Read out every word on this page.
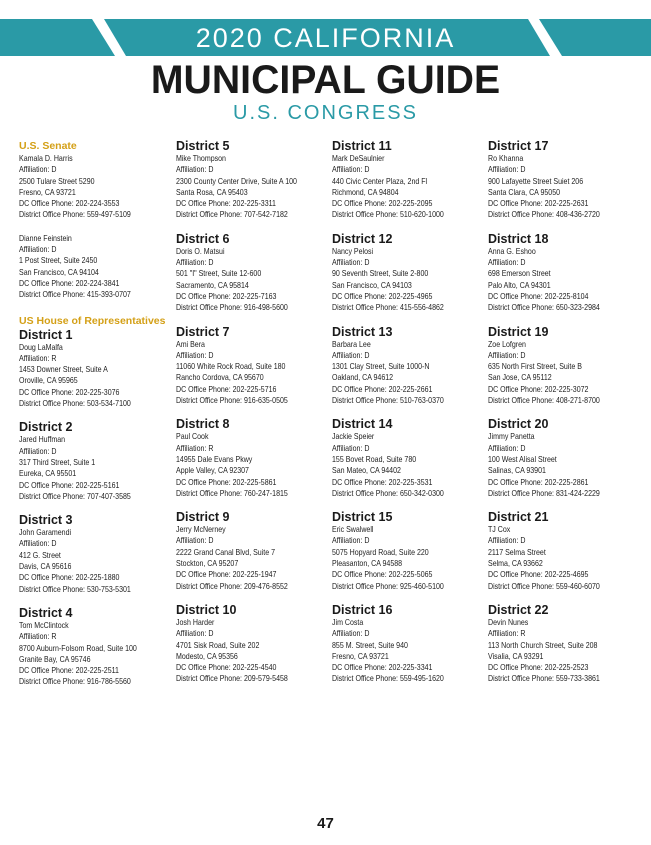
2020 CALIFORNIA
MUNICIPAL GUIDE
U.S. CONGRESS
U.S. Senate
Kamala D. Harris
Affiliation: D
2500 Tulare Street 5290
Fresno, CA 93721
DC Office Phone: 202-224-3553
District Office Phone: 559-497-5109
Dianne Feinstein
Affiliation: D
1 Post Street, Suite 2450
San Francisco, CA 94104
DC Office Phone: 202-224-3841
District Office Phone: 415-393-0707
US House of Representatives
District 1
Doug LaMalfa
Affiliation: R
1453 Downer Street, Suite A
Oroville, CA 95965
DC Office Phone: 202-225-3076
District Office Phone: 503-534-7100
District 2
Jared Huffman
Affiliation: D
317 Third Street, Suite 1
Eureka, CA 95501
DC Office Phone: 202-225-5161
District Office Phone: 707-407-3585
District 3
John Garamendi
Affiliation: D
412 G. Street
Davis, CA 95616
DC Office Phone: 202-225-1880
District Office Phone: 530-753-5301
District 4
Tom McClintock
Affiliation: R
8700 Auburn-Folsom Road, Suite 100
Granite Bay, CA 95746
DC Office Phone: 202-225-2511
District Office Phone: 916-786-5560
District 5
Mike Thompson
Affiliation: D
2300 County Center Drive, Suite A 100
Santa Rosa, CA 95403
DC Office Phone: 202-225-3311
District Office Phone: 707-542-7182
District 6
Doris O. Matsui
Affiliation: D
501 "I" Street, Suite 12-600
Sacramento, CA 95814
DC Office Phone: 202-225-7163
District Office Phone: 916-498-5600
District 7
Ami Bera
Affiliation: D
11060 White Rock Road, Suite 180
Rancho Cordova, CA 95670
DC Office Phone: 202-225-5716
District Office Phone: 916-635-0505
District 8
Paul Cook
Affiliation: R
14955 Dale Evans Pkwy
Apple Valley, CA 92307
DC Office Phone: 202-225-5861
District Office Phone: 760-247-1815
District 9
Jerry McNerney
Affiliation: D
2222 Grand Canal Blvd, Suite 7
Stockton, CA 95207
DC Office Phone: 202-225-1947
District Office Phone: 209-476-8552
District 10
Josh Harder
Affiliation: D
4701 Sisk Road, Suite 202
Modesto, CA 95356
DC Office Phone: 202-225-4540
District Office Phone: 209-579-5458
District 11
Mark DeSaulnier
Affiliation: D
440 Civic Center Plaza, 2nd Fl
Richmond, CA 94804
DC Office Phone: 202-225-2095
District Office Phone: 510-620-1000
District 12
Nancy Pelosi
Affiliation: D
90 Seventh Street, Suite 2-800
San Francisco, CA 94103
DC Office Phone: 202-225-4965
District Office Phone: 415-556-4862
District 13
Barbara Lee
Affiliation: D
1301 Clay Street, Suite 1000-N
Oakland, CA 94612
DC Office Phone: 202-225-2661
District Office Phone: 510-763-0370
District 14
Jackie Speier
Affiliation: D
155 Bovet Road, Suite 780
San Mateo, CA 94402
DC Office Phone: 202-225-3531
District Office Phone: 650-342-0300
District 15
Eric Swalwell
Affiliation: D
5075 Hopyard Road, Suite 220
Pleasanton, CA 94588
DC Office Phone: 202-225-5065
District Office Phone: 925-460-5100
District 16
Jim Costa
Affiliation: D
855 M. Street, Suite 940
Fresno, CA 93721
DC Office Phone: 202-225-3341
District Office Phone: 559-495-1620
District 17
Ro Khanna
Affiliation: D
900 Lafayette Street Suiet 206
Santa Clara, CA 95050
DC Office Phone: 202-225-2631
District Office Phone: 408-436-2720
District 18
Anna G. Eshoo
Affiliation: D
698 Emerson Street
Palo Alto, CA 94301
DC Office Phone: 202-225-8104
District Office Phone: 650-323-2984
District 19
Zoe Lofgren
Affiliation: D
635 North First Street, Suite B
San Jose, CA 95112
DC Office Phone: 202-225-3072
District Office Phone: 408-271-8700
District 20
Jimmy Panetta
Affiliation: D
100 West Alisal Street
Salinas, CA 93901
DC Office Phone: 202-225-2861
District Office Phone: 831-424-2229
District 21
TJ Cox
Affiliation: D
2117 Selma Street
Selma, CA 93662
DC Office Phone: 202-225-4695
District Office Phone: 559-460-6070
District 22
Devin Nunes
Affiliation: R
113 North Church Street, Suite 208
Visalia, CA 93291
DC Office Phone: 202-225-2523
District Office Phone: 559-733-3861
47
